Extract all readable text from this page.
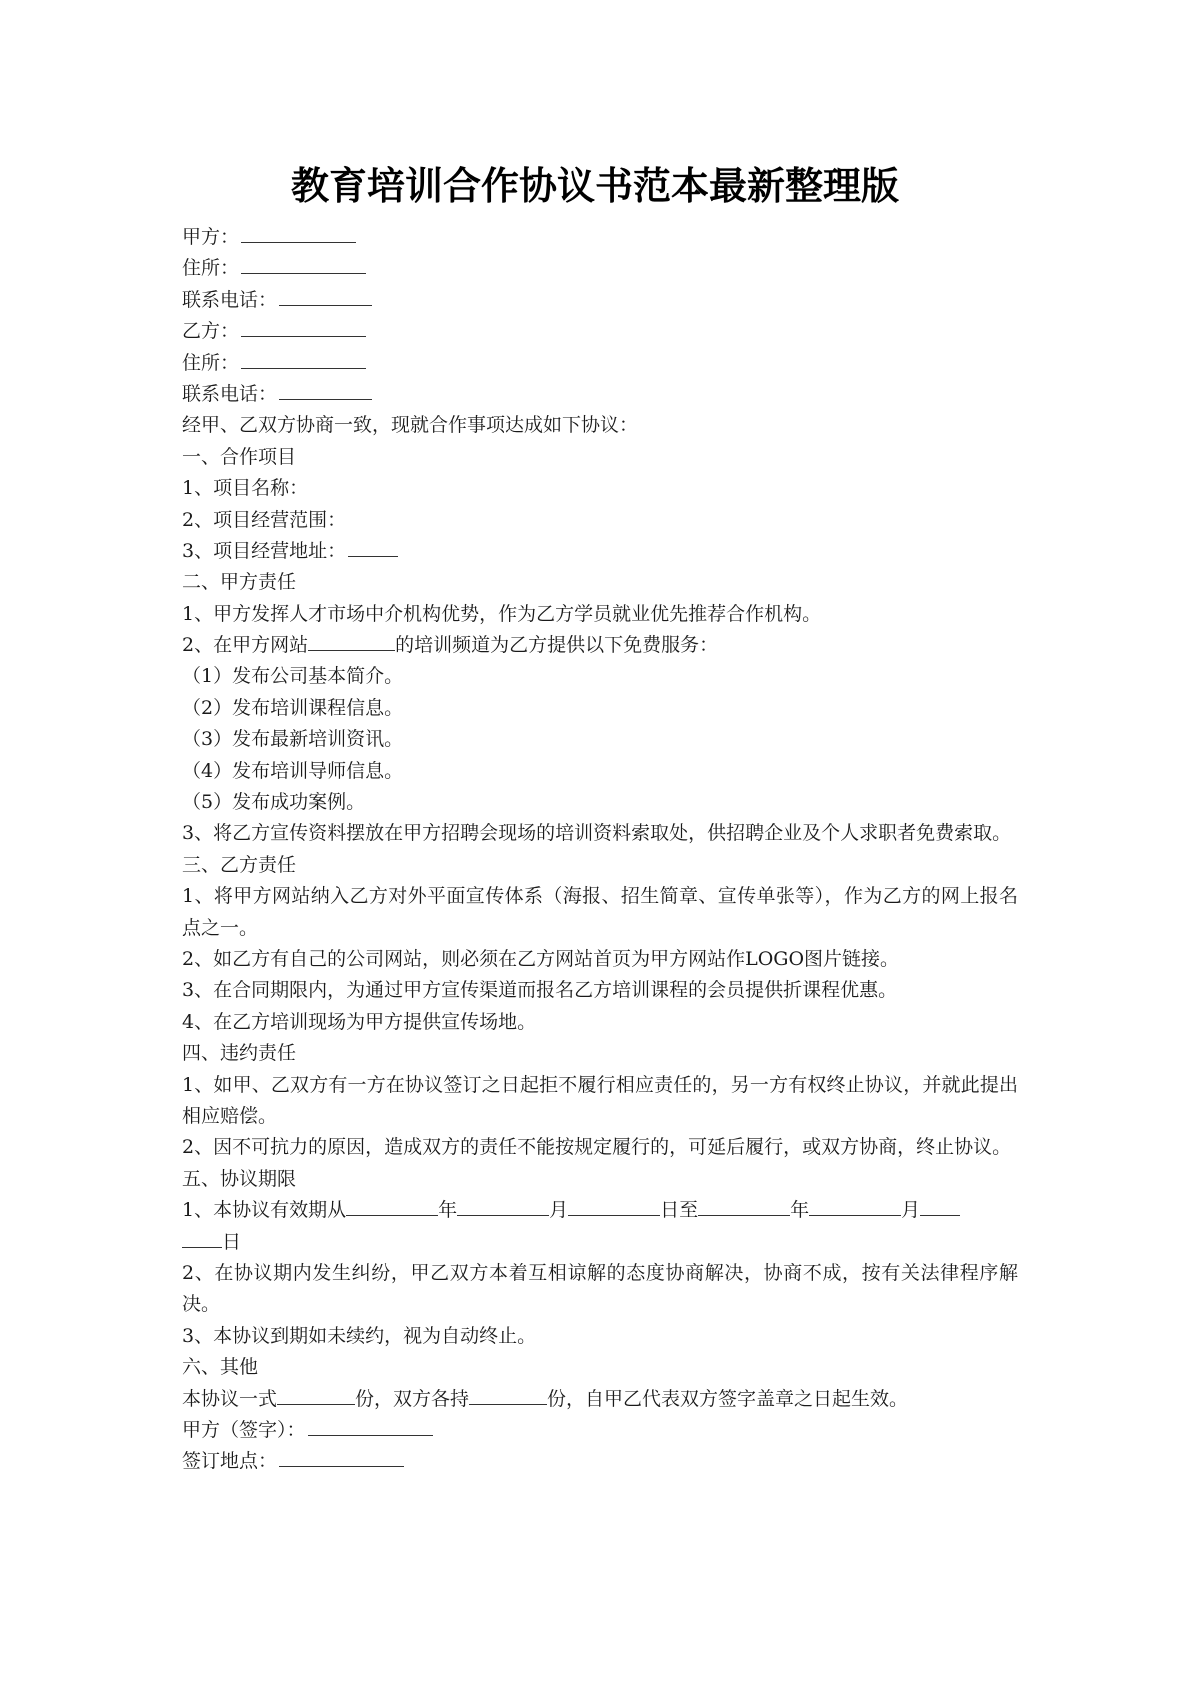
教育培训合作协议书范本最新整理版
甲方：
住所：
联系电话：
乙方：
住所：
联系电话：
经甲、乙双方协商一致，现就合作事项达成如下协议：
一、合作项目
1、项目名称：
2、项目经营范围：
3、项目经营地址：
二、甲方责任
1、甲方发挥人才市场中介机构优势，作为乙方学员就业优先推荐合作机构。
2、在甲方网站	的培训频道为乙方提供以下免费服务：
（1）发布公司基本简介。
（2）发布培训课程信息。
（3）发布最新培训资讯。
（4）发布培训导师信息。
（5）发布成功案例。
3、将乙方宣传资料摆放在甲方招聘会现场的培训资料索取处，供招聘企业及个人求职者免费索取。
三、乙方责任
1、将甲方网站纳入乙方对外平面宣传体系（海报、招生简章、宣传单张等），作为乙方的网上报名点之一。
2、如乙方有自己的公司网站，则必须在乙方网站首页为甲方网站作LOGO图片链接。
3、在合同期限内，为通过甲方宣传渠道而报名乙方培训课程的会员提供折课程优惠。
4、在乙方培训现场为甲方提供宣传场地。
四、违约责任
1、如甲、乙双方有一方在协议签订之日起拒不履行相应责任的，另一方有权终止协议，并就此提出相应赔偿。
2、因不可抗力的原因，造成双方的责任不能按规定履行的，可延后履行，或双方协商，终止协议。
五、协议期限
1、本协议有效期从	年	月	日至	年	月
日
2、在协议期内发生纠纷，甲乙双方本着互相谅解的态度协商解决，协商不成，按有关法律程序解决。
3、本协议到期如未续约，视为自动终止。
六、其他
本协议一式	份，双方各持	份，自甲乙代表双方签字盖章之日起生效。
甲方（签字）：
签订地点：
